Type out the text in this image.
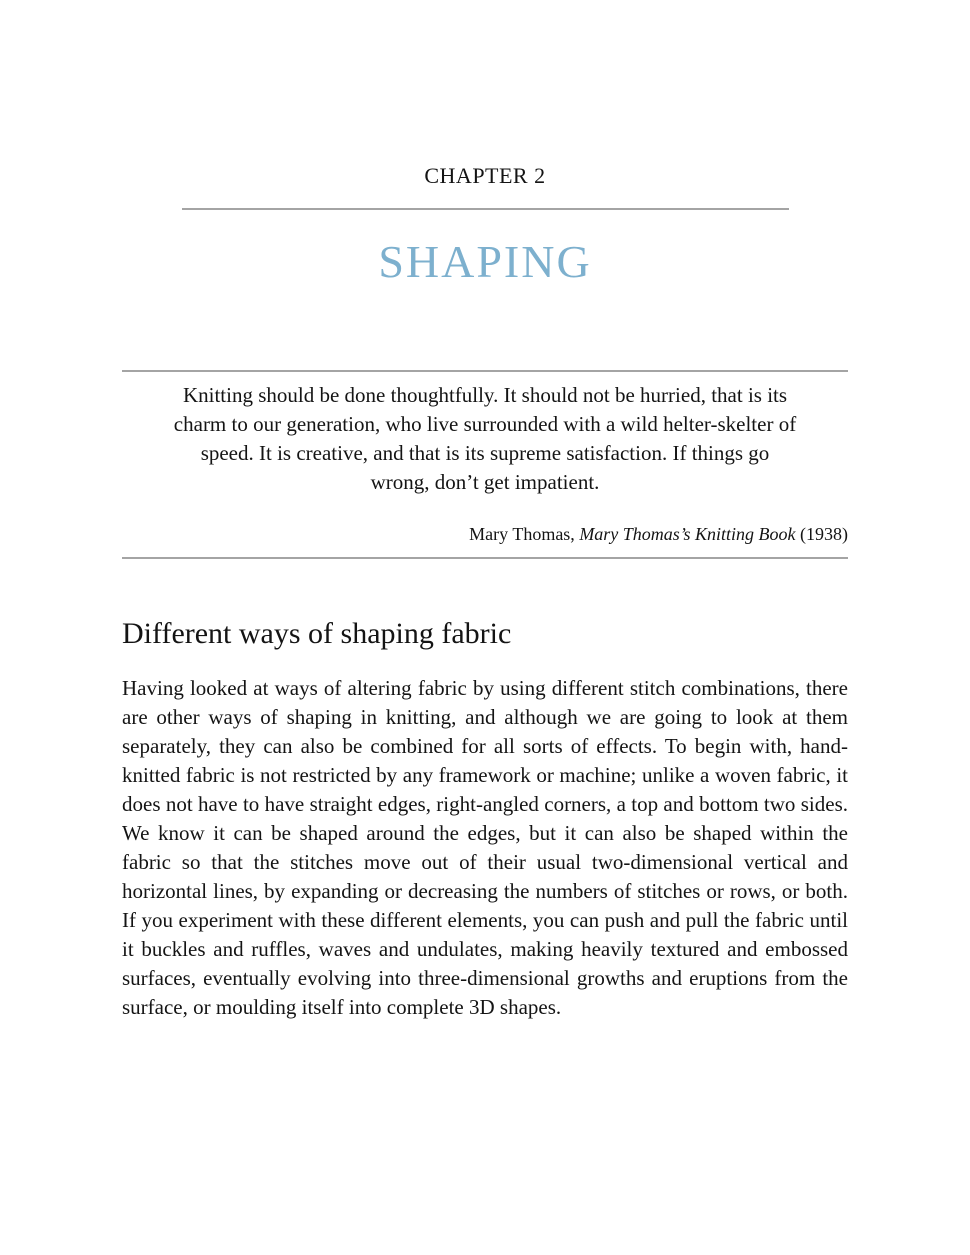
CHAPTER 2
SHAPING
Knitting should be done thoughtfully. It should not be hurried, that is its
charm to our generation, who live surrounded with a wild helter-skelter of
speed. It is creative, and that is its supreme satisfaction. If things go
wrong, don’t get impatient.
Mary Thomas, Mary Thomas’s Knitting Book (1938)
Different ways of shaping fabric

Having looked at ways of altering fabric by using different stitch combinations, there are other ways of shaping in knitting, and although we are going to look at them separately, they can also be combined for all sorts of effects. To begin with, hand-knitted fabric is not restricted by any framework or machine; unlike a woven fabric, it does not have to have straight edges, right-angled corners, a top and bottom two sides. We know it can be shaped around the edges, but it can also be shaped within the fabric so that the stitches move out of their usual two-dimensional vertical and horizontal lines, by expanding or decreasing the numbers of stitches or rows, or both. If you experiment with these different elements, you can push and pull the fabric until it buckles and ruffles, waves and undulates, making heavily textured and embossed surfaces, eventually evolving into three-dimensional growths and eruptions from the surface, or moulding itself into complete 3D shapes.
